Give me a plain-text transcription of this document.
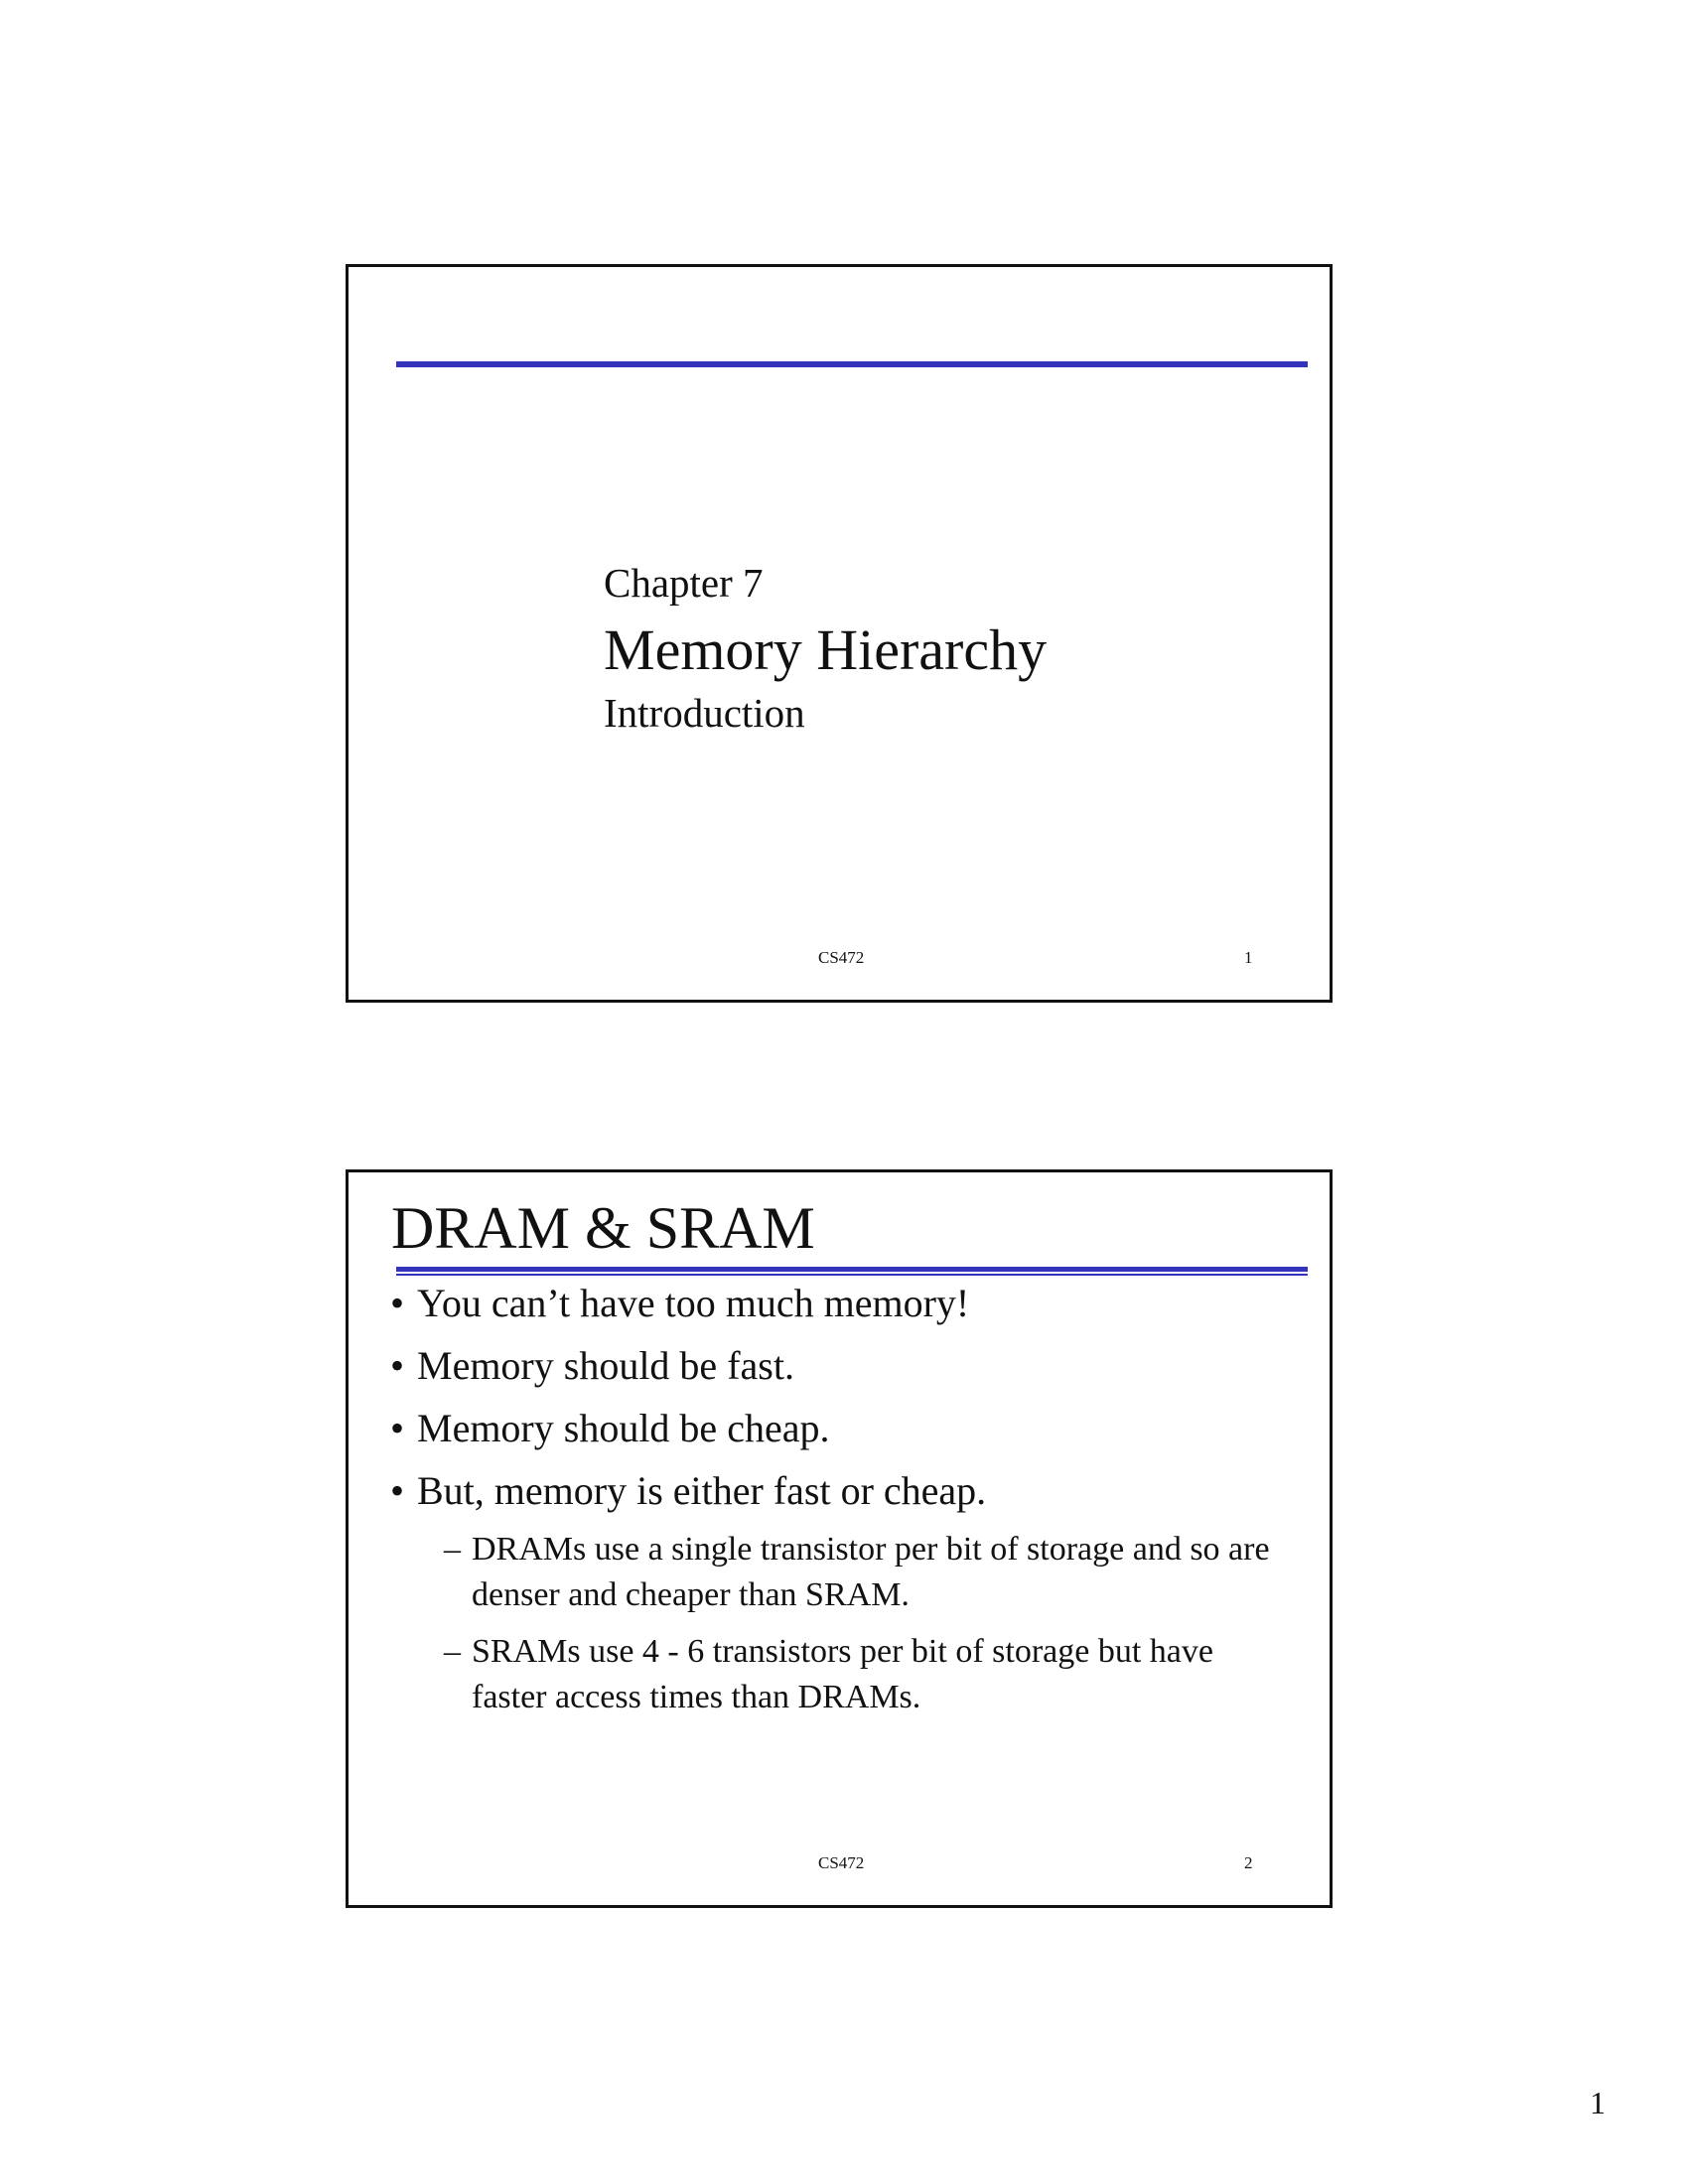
Chapter 7
Memory Hierarchy
Introduction
CS472	1
DRAM & SRAM
• You can’t have too much memory!
• Memory should be fast.
• Memory should be cheap.
• But, memory is either fast or cheap.
– DRAMs use a single transistor per bit of storage and so are denser and cheaper than SRAM.
– SRAMs use 4 - 6 transistors per bit of storage but have faster access times than DRAMs.
CS472	2
1
